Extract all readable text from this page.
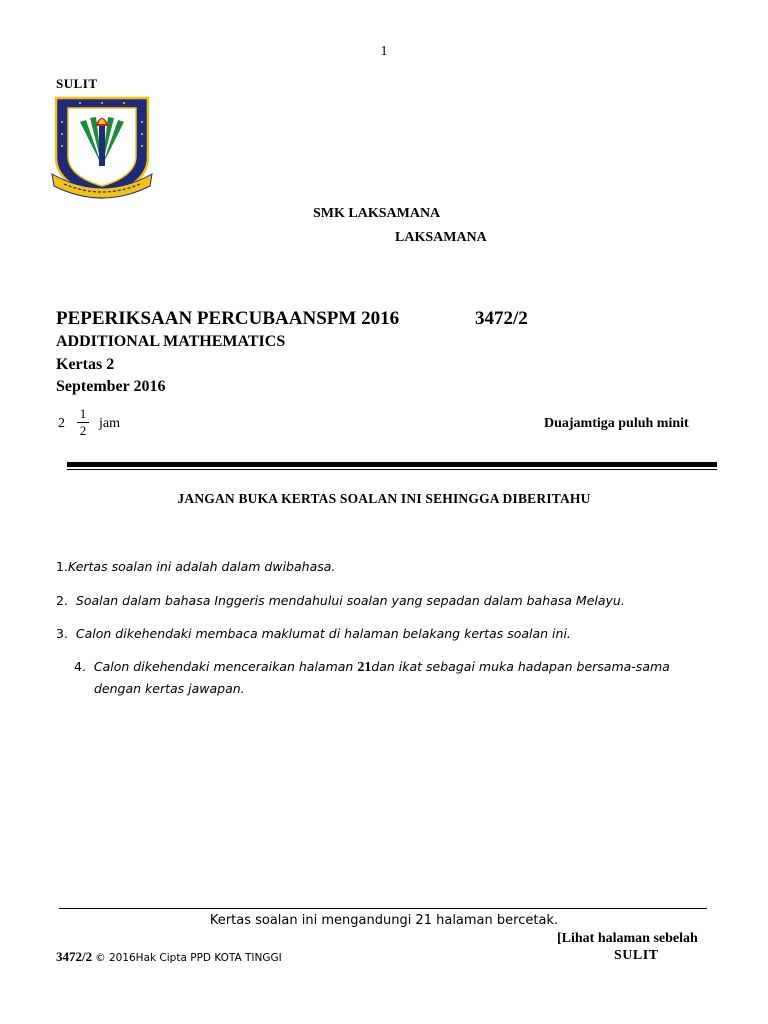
1
SULIT
SMK LAKSAMANA
LAKSAMANA
PEPERIKSAAN PERCUBAANSPM 2016	3472/2
ADDITIONAL MATHEMATICS
Kertas 2
September 2016
2
1
2 jam	Duajamtiga puluh minit
JANGAN BUKA KERTAS SOALAN INI SEHINGGA DIBERITAHU
1.Kertas soalan ini adalah dalam dwibahasa.
2. Soalan dalam bahasa Inggeris mendahului soalan yang sepadan dalam bahasa Melayu.
3. Calon dikehendaki membaca maklumat di halaman belakang kertas soalan ini.
4. Calon dikehendaki menceraikan halaman 21dan ikat sebagai muka hadapan bersama-sama
dengan kertas jawapan.
Kertas soalan ini mengandungi 21 halaman bercetak.
[Lihat halaman sebelah
3472/2 © 2016Hak Cipta PPD KOTA TINGGI	SULIT
